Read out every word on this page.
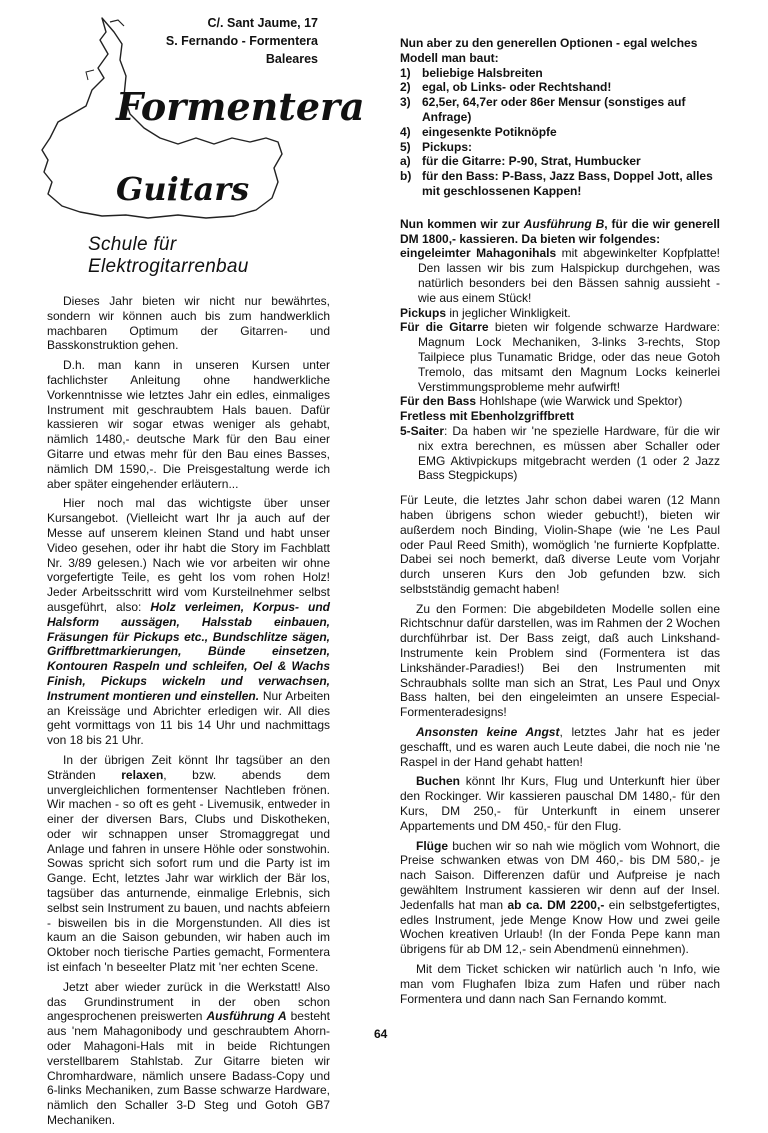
Formentera
Guitars
C/. Sant Jaume, 17
S. Fernando - Formentera
Baleares
Schule für
Elektrogitarrenbau

Dieses Jahr bieten wir nicht nur bewährtes, sondern wir können auch bis zum handwerklich machbaren Optimum der Gitarren- und Basskonstruktion gehen.

D.h. man kann in unseren Kursen unter fachlichster Anleitung ohne handwerkliche Vorkenntnisse wie letztes Jahr ein edles, einmaliges Instrument mit geschraubtem Hals bauen. Dafür kassieren wir sogar etwas weniger als gehabt, nämlich 1480,- deutsche Mark für den Bau einer Gitarre und etwas mehr für den Bau eines Basses, nämlich DM 1590,-. Die Preisgestaltung werde ich aber später eingehender erläutern...

Hier noch mal das wichtigste über unser Kursangebot. (Vielleicht wart Ihr ja auch auf der Messe auf unserem kleinen Stand und habt unser Video gesehen, oder ihr habt die Story im Fachblatt Nr. 3/89 gelesen.) Nach wie vor arbeiten wir ohne vorgefertigte Teile, es geht los vom rohen Holz! Jeder Arbeitsschritt wird vom Kursteilnehmer selbst ausgeführt, also: Holz verleimen, Korpus- und Halsform aussägen, Halsstab einbauen, Fräsungen für Pickups etc., Bundschlitze sägen, Griffbrettmarkierungen, Bünde einsetzen, Kontouren Raspeln und schleifen, Oel & Wachs Finish, Pickups wickeln und verwachsen, Instrument montieren und einstellen. Nur Arbeiten an Kreissäge und Abrichter erledigen wir. All dies geht vormittags von 11 bis 14 Uhr und nachmittags von 18 bis 21 Uhr.

In der übrigen Zeit könnt Ihr tagsüber an den Stränden relaxen, bzw. abends dem unvergleichlichen formentenser Nachtleben frönen. Wir machen - so oft es geht - Livemusik, entweder in einer der diversen Bars, Clubs und Diskotheken, oder wir schnappen unser Stromaggregat und Anlage und fahren in unsere Höhle oder sonstwohin. Sowas spricht sich sofort rum und die Party ist im Gange. Echt, letztes Jahr war wirklich der Bär los, tagsüber das anturnende, einmalige Erlebnis, sich selbst sein Instrument zu bauen, und nachts abfeiern - bisweilen bis in die Morgenstunden. All dies ist kaum an die Saison gebunden, wir haben auch im Oktober noch tierische Parties gemacht, Formentera ist einfach 'n beseelter Platz mit 'ner echten Scene.

Jetzt aber wieder zurück in die Werkstatt! Also das Grundinstrument in der oben schon angesprochenen preiswerten Ausführung A besteht aus 'nem Mahagonibody und geschraubtem Ahorn- oder Mahagoni-Hals mit in beide Richtungen verstellbarem Stahlstab. Zur Gitarre bieten wir Chromhardware, nämlich unsere Badass-Copy und 6-links Mechaniken, zum Basse schwarze Hardware, nämlich den Schaller 3-D Steg und Gotoh GB7 Mechaniken.

Nun aber zu den generellen Optionen - egal welches Modell man baut:

1) beliebige Halsbreiten
2) egal, ob Links- oder Rechtshand!
3) 62,5er, 64,7er oder 86er Mensur (sonstiges auf Anfrage)
4) eingesenkte Potiknöpfe
5) Pickups:
a) für die Gitarre: P-90, Strat, Humbucker
b) für den Bass: P-Bass, Jazz Bass, Doppel Jott, alles mit geschlossenen Kappen!

Nun kommen wir zur Ausführung B, für die wir generell DM 1800,- kassieren. Da bieten wir folgendes:

eingeleimter Mahagonihals mit abgewinkelter Kopfplatte! Den lassen wir bis zum Halspickup durchgehen, was natürlich besonders bei den Bässen sahnig aussieht - wie aus einem Stück!

Pickups in jeglicher Winkligkeit.

Für die Gitarre bieten wir folgende schwarze Hardware: Magnum Lock Mechaniken, 3-links 3-rechts, Stop Tailpiece plus Tunamatic Bridge, oder das neue Gotoh Tremolo, das mitsamt den Magnum Locks keinerlei Verstimmungsprobleme mehr aufwirft!

Für den Bass Hohlshape (wie Warwick und Spektor)

Fretless mit Ebenholzgriffbrett

5-Saiter: Da haben wir 'ne spezielle Hardware, für die wir nix extra berechnen, es müssen aber Schaller oder EMG Aktivpickups mitgebracht werden (1 oder 2 Jazz Bass Stegpickups)

Für Leute, die letztes Jahr schon dabei waren (12 Mann haben übrigens schon wieder gebucht!), bieten wir außerdem noch Binding, Violin-Shape (wie 'ne Les Paul oder Paul Reed Smith), womöglich 'ne furnierte Kopfplatte. Dabei sei noch bemerkt, daß diverse Leute vom Vorjahr durch unseren Kurs den Job gefunden bzw. sich selbstständig gemacht haben!

Zu den Formen: Die abgebildeten Modelle sollen eine Richtschnur dafür darstellen, was im Rahmen der 2 Wochen durchführbar ist. Der Bass zeigt, daß auch Linkshand- Instrumente kein Problem sind (Formentera ist das Linkshänder-Paradies!) Bei den Instrumenten mit Schraubhals sollte man sich an Strat, Les Paul und Onyx Bass halten, bei den eingeleimten an unsere Especial-Formenteradesigns!

Ansonsten keine Angst, letztes Jahr hat es jeder geschafft, und es waren auch Leute dabei, die noch nie 'ne Raspel in der Hand gehabt hatten!

Buchen könnt Ihr Kurs, Flug und Unterkunft hier über den Rockinger. Wir kassieren pauschal DM 1480,- für den Kurs, DM 250,- für Unterkunft in einem unserer Appartements und DM 450,- für den Flug.

Flüge buchen wir so nah wie möglich vom Wohnort, die Preise schwanken etwas von DM 460,- bis DM 580,- je nach Saison. Differenzen dafür und Aufpreise je nach gewähltem Instrument kassieren wir denn auf der Insel. Jedenfalls hat man ab ca. DM 2200,- ein selbstgefertigtes, edles Instrument, jede Menge Know How und zwei geile Wochen kreativen Urlaub! (In der Fonda Pepe kann man übrigens für ab DM 12,- sein Abendmenü einnehmen).

Mit dem Ticket schicken wir natürlich auch 'n Info, wie man vom Flughafen Ibiza zum Hafen und rüber nach Formentera und dann nach San Fernando kommt.

64
